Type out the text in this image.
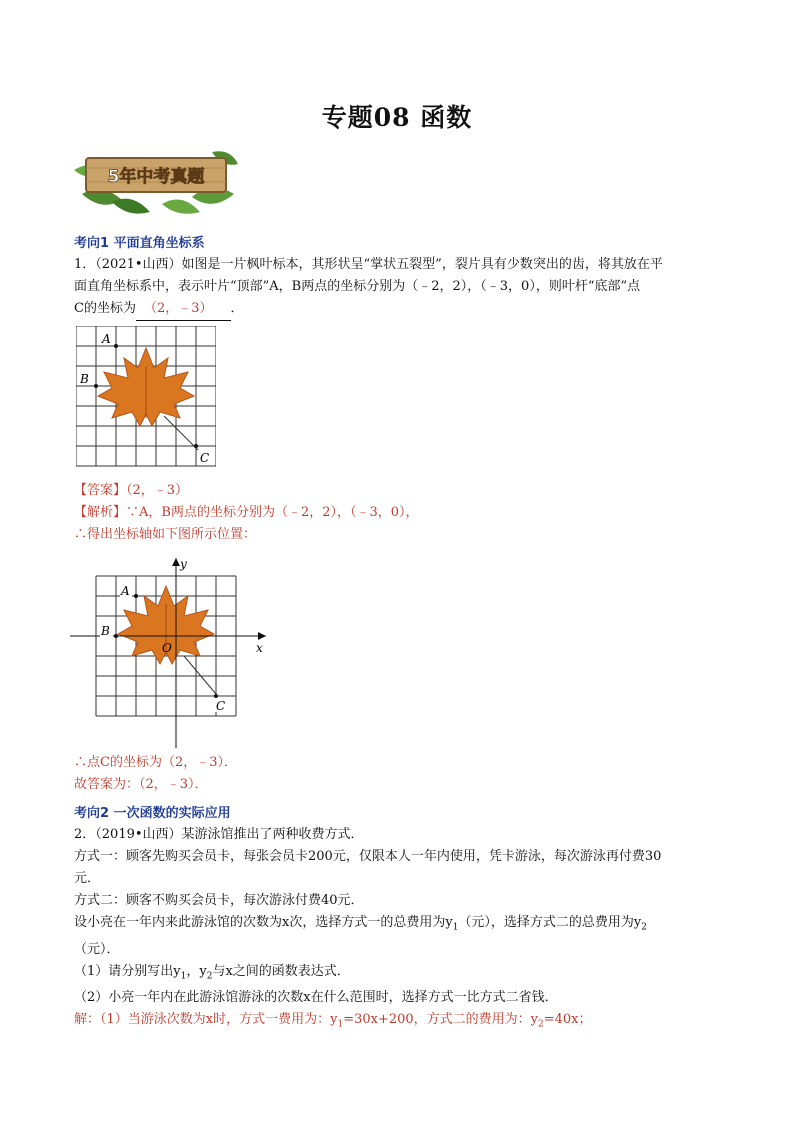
专题08 函数
5年中考真题
考向1 平面直角坐标系
1．（2021•山西）如图是一片枫叶标本，其形状呈“掌状五裂型”，裂片具有少数突出的齿，将其放在平
面直角坐标系中，表示叶片“顶部”A，B两点的坐标分别为（﹣2，2），（﹣3，0），则叶杆“底部”点
C的坐标为 （2，﹣3） ．
A
B
C
【答案】（2，﹣3）
【解析】∵A，B两点的坐标分别为（﹣2，2），（﹣3，0），
∴得出坐标轴如下图所示位置：
A
B
O
C
x
y
∴点C的坐标为（2，﹣3）．
故答案为：（2，﹣3）．
考向2 一次函数的实际应用
2．（2019•山西）某游泳馆推出了两种收费方式．
方式一：顾客先购买会员卡，每张会员卡200元，仅限本人一年内使用，凭卡游泳，每次游泳再付费30
元．
方式二：顾客不购买会员卡，每次游泳付费40元．
设小亮在一年内来此游泳馆的次数为x次，选择方式一的总费用为$y_1$（元），选择方式二的总费用为$y_2$
（元）．
（1）请分别写出$y_1$，$y_2$与x之间的函数表达式．
（2）小亮一年内在此游泳馆游泳的次数x在什么范围时，选择方式一比方式二省钱．
解：（1）当游泳次数为x时，方式一费用为：$y_1=30x+200$，方式二的费用为：$y_2=40x$；
